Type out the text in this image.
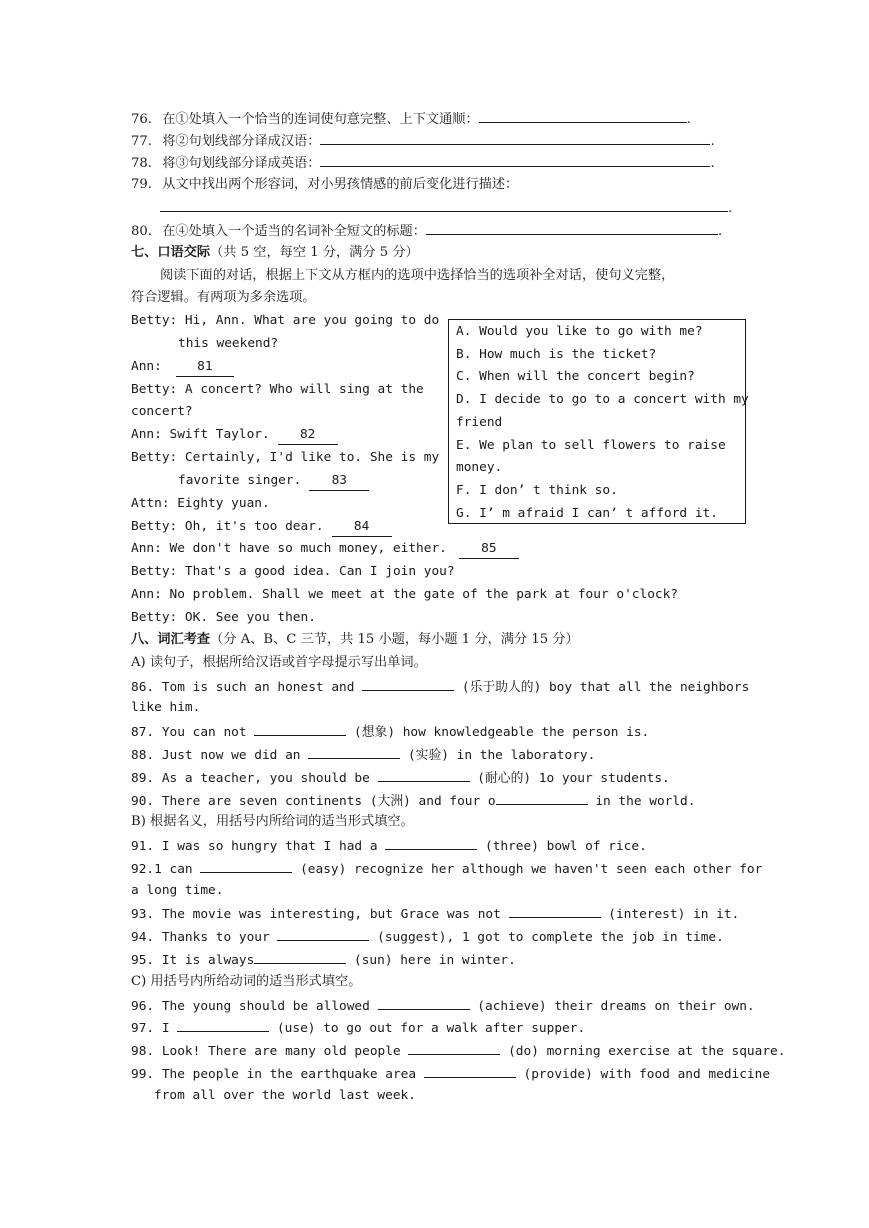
76. 在①处填入一个恰当的连词使句意完整、上下文通顺：	.
77. 将②句划线部分译成汉语：	.
78. 将③句划线部分译成英语：	.
79. 从文中找出两个形容词，对小男孩情感的前后变化进行描述：
.
80. 在④处填入一个适当的名词补全短文的标题：	.
七、口语交际（共 5 空，每空 1 分，满分 5 分）
阅读下面的对话，根据上下文从方框内的选项中选择恰当的选项补全对话，使句义完整，
符合逻辑。有两项为多余选项。
Betty: Hi, Ann. What are you going to do
this weekend?
Ann:	81
Betty: A concert? Who will sing at the
concert?
Ann: Swift Taylor. 82
Betty: Certainly, I'd like to. She is my
favorite singer. 83
Attn: Eighty yuan.
Betty: Oh, it's too dear. 84
Ann: We don't have so much money, either.	85
Betty: That's a good idea. Can I join you?
Ann: No problem. Shall we meet at the gate of the park at four o'clock?
Betty: OK. See you then.
A. Would you like to go with me?
B. How much is the ticket?
C. When will the concert begin?
D. I decide to go to a concert with my
friend
E. We plan to sell flowers to raise
money.
F. I don’ t think so.
G. I’ m afraid I can’ t afford it.
八、词汇考查（分 A、B、C 三节，共 15 小题，每小题 1 分，满分 15 分）
A) 读句子，根据所给汉语或首字母提示写出单词。
86. Tom is such an honest and	(乐于助人的) boy that all the neighbors
like him.
87. You can not	(想象) how knowledgeable the person is.
88. Just now we did an	(实验) in the laboratory.
89. As a teacher, you should be	(耐心的) 1o your students.
90. There are seven continents (大洲) and four o	in the world.
B) 根据名义，用括号内所给词的适当形式填空。
91. I was so hungry that I had a	(three) bowl of rice.
92.1 can	(easy) recognize her although we haven't seen each other for
a long time.
93. The movie was interesting, but Grace was not	(interest) in it.
94. Thanks to your	(suggest), 1 got to complete the job in time.
95. It is always	(sun) here in winter.
C) 用括号内所给动词的适当形式填空。
96. The young should be allowed	(achieve) their dreams on their own.
97. I	(use) to go out for a walk after supper.
98. Look! There are many old people	(do) morning exercise at the square.
99. The people in the earthquake area	(provide) with food and medicine
from all over the world last week.
